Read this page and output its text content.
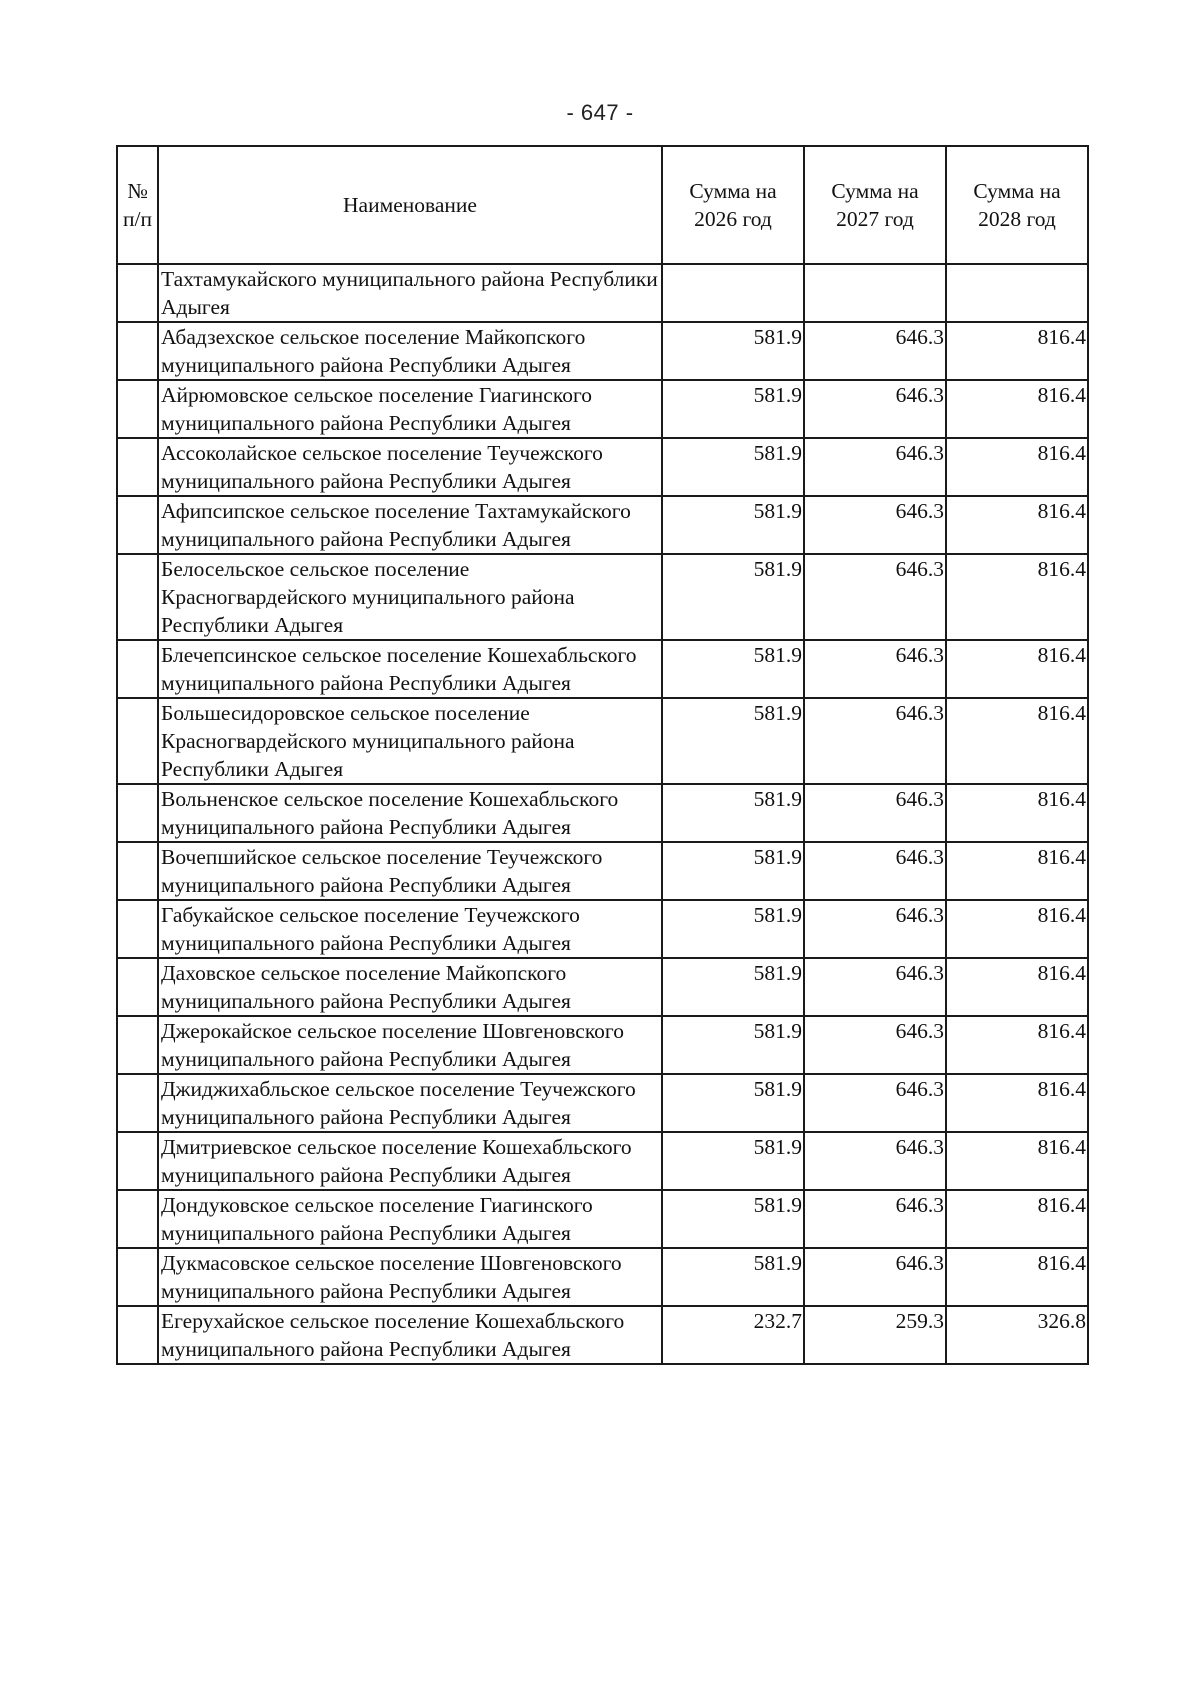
- 647 -
№ п/п	Наименование	Сумма на 2026 год	Сумма на 2027 год	Сумма на 2028 год
	Тахтамукайского муниципального района Республики Адыгея			
	Абадзехское сельское поселение Майкопского муниципального района Республики Адыгея	581.9	646.3	816.4
	Айрюмовское сельское поселение Гиагинского муниципального района Республики Адыгея	581.9	646.3	816.4
	Ассоколайское сельское поселение Теучежского муниципального района Республики Адыгея	581.9	646.3	816.4
	Афипсипское сельское поселение Тахтамукайского муниципального района Республики Адыгея	581.9	646.3	816.4
	Белосельское сельское поселение Красногвардейского муниципального района Республики Адыгея	581.9	646.3	816.4
	Блечепсинское сельское поселение Кошехабльского муниципального района Республики Адыгея	581.9	646.3	816.4
	Большесидоровское сельское поселение Красногвардейского муниципального района Республики Адыгея	581.9	646.3	816.4
	Вольненское сельское поселение Кошехабльского муниципального района Республики Адыгея	581.9	646.3	816.4
	Вочепшийское сельское поселение Теучежского муниципального района Республики Адыгея	581.9	646.3	816.4
	Габукайское сельское поселение Теучежского муниципального района Республики Адыгея	581.9	646.3	816.4
	Даховское сельское поселение Майкопского муниципального района Республики Адыгея	581.9	646.3	816.4
	Джерокайское сельское поселение Шовгеновского муниципального района Республики Адыгея	581.9	646.3	816.4
	Джиджихабльское сельское поселение Теучежского муниципального района Республики Адыгея	581.9	646.3	816.4
	Дмитриевское сельское поселение Кошехабльского муниципального района Республики Адыгея	581.9	646.3	816.4
	Дондуковское сельское поселение Гиагинского муниципального района Республики Адыгея	581.9	646.3	816.4
	Дукмасовское сельское поселение Шовгеновского муниципального района Республики Адыгея	581.9	646.3	816.4
	Егерухайское сельское поселение Кошехабльского муниципального района Республики Адыгея	232.7	259.3	326.8
